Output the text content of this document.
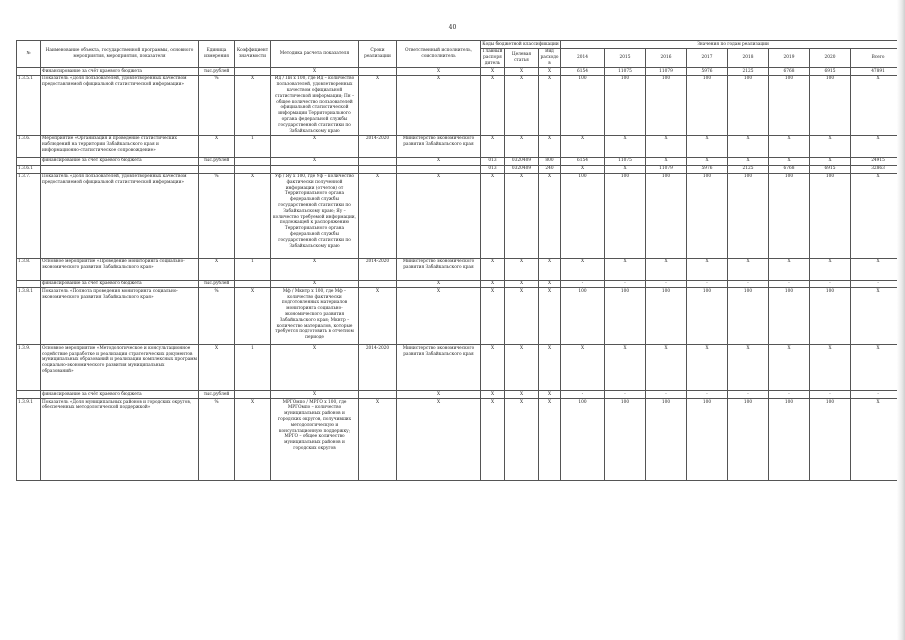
40
№	Наименование объекта, государственной программы, основного мероприятия, мероприятия, показателя	Единица измерения	Коэффициент значимости	Методика расчета показателя	Сроки реализации	Ответственный исполнитель, соисполнитель	Коды бюджетной классификации			Значения по годам реализации							
							Главный распорядитель	Целевая статья	Вид расходов	2014	2015	2016	2017	2018	2019	2020	Всего
	Финансирование за счёт краевого бюджета	тыс.рублей		X		X	X	X	X	6154	11075	11079	5976	2125	6768	6915	47891
1.3.5.1	Показатель «Доля пользователей, удовлетворенных качеством предоставляемой официальной статистической информации»	%	X	Ид / Пн х 100, где Ид – количество пользователей, удовлетворенных качеством официальной статистической информации; Пн – общее количество пользователей официальной статистической информации Территориального органа федеральной службы государственной статистики по Забайкальскому краю	X	X	X	X	X	100	100	100	100	100	100	100	X
1.3.6.	Мероприятие «Организация и проведение статистических наблюдений на территории Забайкальского края и информационно-статистическое сопровождение»	X	1	X	2014-2020	Министерство экономического развития Забайкальского края	X	X	X	X	X	X	X	X	X	X	X
	финансирование за счёт краевого бюджета	тыс.рублей		X		X	013	0320409	800	6154	11075	X	X	X	X	X	24915
1.3.6.1							013	0320409	240	X	X	11079	5976	2125	6768	6915	32863
1.3.7.	Показатель «Доля пользователей, удовлетворенных качеством предоставляемой официальной статистической информации»	%	X	Уф / Яу х 100, где Уф – количество фактически полученной информации (отчетов) от Территориального органа федеральной службы государственной статистики по Забайкальскому краю; Яу – количество требуемой информации, подлежащей к распоряжению Территориального органа федеральной службы государственной статистики по Забайкальскому краю	X	X	X	X	X	100	100	100	100	100	100	100	X
1.3.8.	Основное мероприятие «Проведение мониторинга социально-экономического развития Забайкальского края»	X	1	X	2014-2020	Министерство экономического развития Забайкальского края	X	X	X	X	X	X	X	X	X	X	X
	финансирование за счёт краевого бюджета	тыс.рублей		X		X	X	X	X	-	-	-	-	-	-	-	-
1.3.8.1	Показатель «Полнота проведения мониторинга социально-экономического развития Забайкальского края»	%	X	Мф / Мкнтр х 100, где Мф – количество фактически подготовленных материалов мониторинга социально-экономического развития Забайкальского края; Мкнтр – количество материалов, которые требуется подготовить в отчетном периоде	X	X	X	X	X	100	100	100	100	100	100	100	X
1.3.9.	Основное мероприятие «Методологическое и консультационное содействие разработке и реализации стратегических документов муниципальных образований и реализации комплексных программ социально-экономического развития муниципальных образований»	X	1	X	2014-2020	Министерство экономического развития Забайкальского края	X	X	X	X	X	X	X	X	X	X	X
	финансирование за счёт краевого бюджета	тыс.рублей		X		X	X	X	X	-	-	-	-	-	-	-	-
1.3.9.1	Показатель «Доля муниципальных районов и городских округов, обеспеченных методологической поддержкой»	%	X	МРГОмпо / МРГО х 100, где МРГОмпо – количество муниципальных районов и городских округов, получивших методологическую и консультационную поддержку; МРГО – общее количество муниципальных районов и городских округов	X	X	X	X	X	100	100	100	100	100	100	100	X
